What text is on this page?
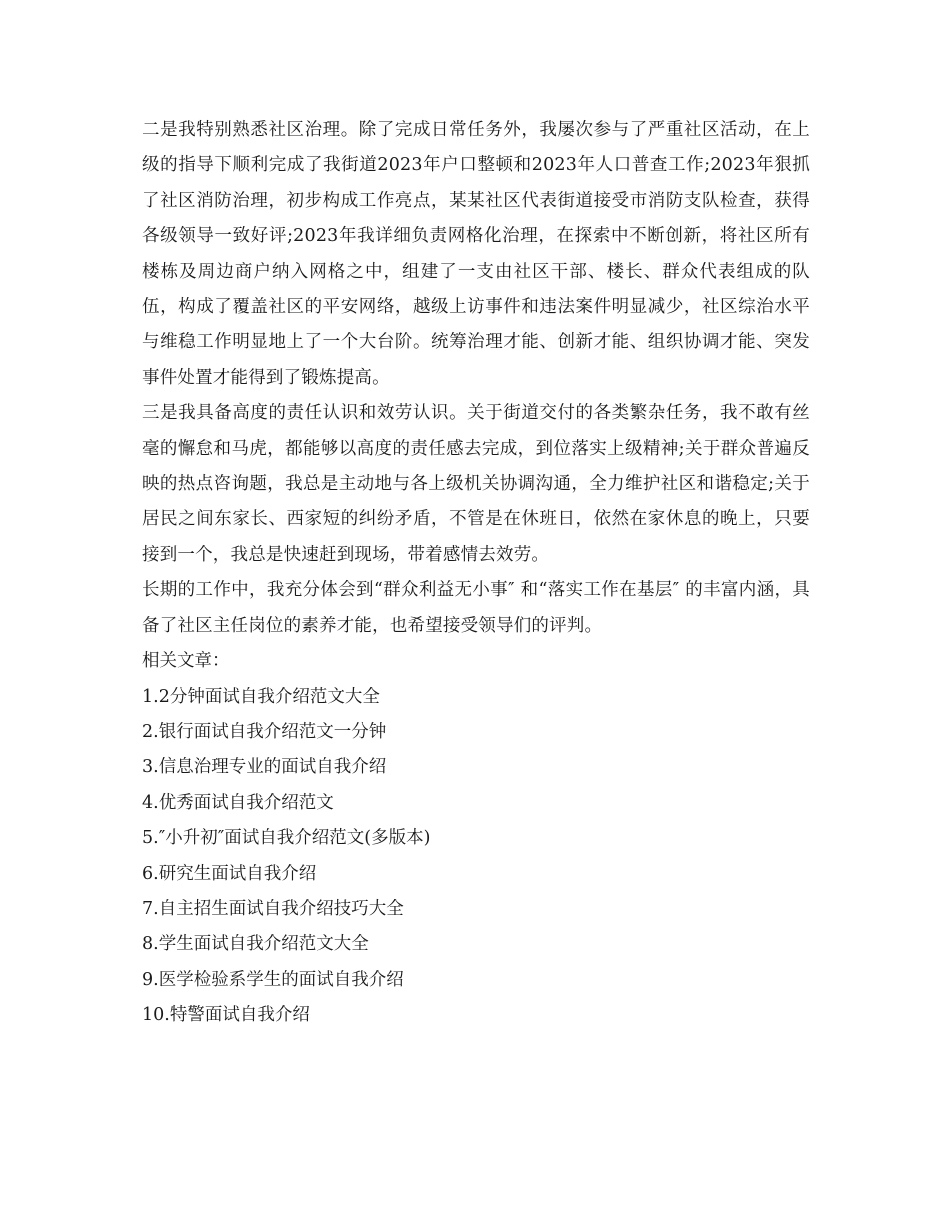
二是我特别熟悉社区治理。除了完成日常任务外，我屡次参与了严重社区活动，在上级的指导下顺利完成了我街道2023年户口整顿和2023年人口普查工作;2023年狠抓了社区消防治理，初步构成工作亮点，某某社区代表街道接受市消防支队检查，获得各级领导一致好评;2023年我详细负责网格化治理，在探索中不断创新，将社区所有楼栋及周边商户纳入网格之中，组建了一支由社区干部、楼长、群众代表组成的队伍，构成了覆盖社区的平安网络，越级上访事件和违法案件明显减少，社区综治水平与维稳工作明显地上了一个大台阶。统筹治理才能、创新才能、组织协调才能、突发事件处置才能得到了锻炼提高。

三是我具备高度的责任认识和效劳认识。关于街道交付的各类繁杂任务，我不敢有丝毫的懈怠和马虎，都能够以高度的责任感去完成，到位落实上级精神;关于群众普遍反映的热点咨询题，我总是主动地与各上级机关协调沟通，全力维护社区和谐稳定;关于居民之间东家长、西家短的纠纷矛盾，不管是在休班日，依然在家休息的晚上，只要接到一个，我总是快速赶到现场，带着感情去效劳。

长期的工作中，我充分体会到“群众利益无小事″ 和“落实工作在基层″ 的丰富内涵，具备了社区主任岗位的素养才能，也希望接受领导们的评判。

相关文章：

1.2分钟面试自我介绍范文大全
2.银行面试自我介绍范文一分钟
3.信息治理专业的面试自我介绍
4.优秀面试自我介绍范文
5.″小升初″面试自我介绍范文(多版本)
6.研究生面试自我介绍
7.自主招生面试自我介绍技巧大全
8.学生面试自我介绍范文大全
9.医学检验系学生的面试自我介绍
10.特警面试自我介绍
